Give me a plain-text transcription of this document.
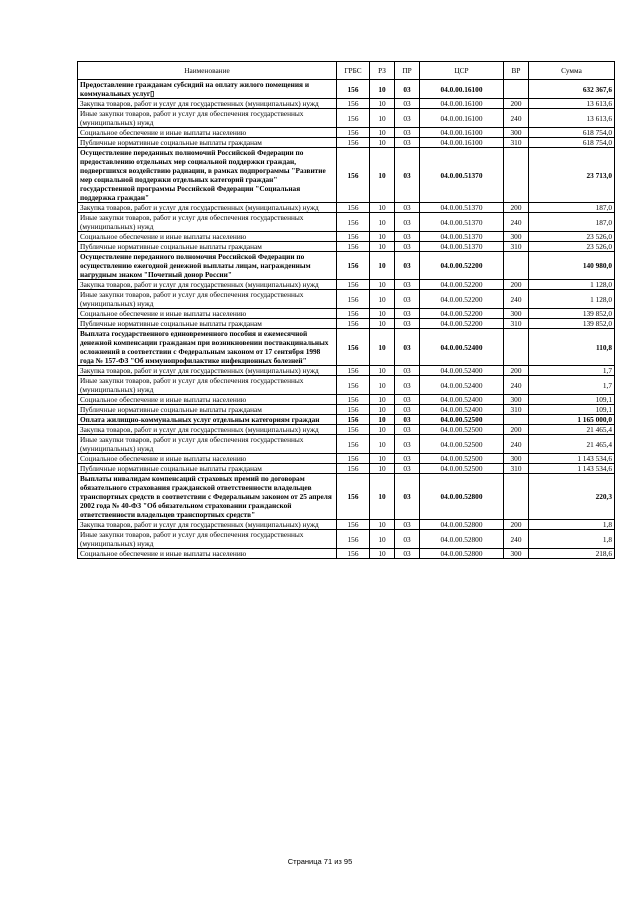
Наименование	ГРБС	РЗ	ПР	ЦСР	ВР	Сумма
Предоставление гражданам субсидий на оплату жилого помещения и коммунальных услуг▯	156	10	03	04.0.00.16100		632 367,6
Закупка товаров, работ и услуг для государственных (муниципальных) нужд	156	10	03	04.0.00.16100	200	13 613,6
Иные закупки товаров, работ и услуг для обеспечения государственных (муниципальных) нужд	156	10	03	04.0.00.16100	240	13 613,6
Социальное обеспечение и иные выплаты населению	156	10	03	04.0.00.16100	300	618 754,0
Публичные нормативные социальные выплаты гражданам	156	10	03	04.0.00.16100	310	618 754,0
Осуществление переданных полномочий Российской Федерации по предоставлению отдельных мер социальной поддержки граждан, подвергшихся воздействию радиации, в рамках подпрограммы "Развитие мер социальной поддержки отдельных категорий граждан" государственной программы Российской Федерации "Социальная поддержка граждан"	156	10	03	04.0.00.51370		23 713,0
Закупка товаров, работ и услуг для государственных (муниципальных) нужд	156	10	03	04.0.00.51370	200	187,0
Иные закупки товаров, работ и услуг для обеспечения государственных (муниципальных) нужд	156	10	03	04.0.00.51370	240	187,0
Социальное обеспечение и иные выплаты населению	156	10	03	04.0.00.51370	300	23 526,0
Публичные нормативные социальные выплаты гражданам	156	10	03	04.0.00.51370	310	23 526,0
Осуществление переданного полномочия Российской Федерации по осуществлению ежегодной денежной выплаты лицам, награжденным нагрудным знаком "Почетный донор России"	156	10	03	04.0.00.52200		140 980,0
Закупка товаров, работ и услуг для государственных (муниципальных) нужд	156	10	03	04.0.00.52200	200	1 128,0
Иные закупки товаров, работ и услуг для обеспечения государственных (муниципальных) нужд	156	10	03	04.0.00.52200	240	1 128,0
Социальное обеспечение и иные выплаты населению	156	10	03	04.0.00.52200	300	139 852,0
Публичные нормативные социальные выплаты гражданам	156	10	03	04.0.00.52200	310	139 852,0
Выплата государственного единовременного пособия и ежемесячной денежной компенсации гражданам при возникновении поствакцинальных осложнений в соответствии с Федеральным законом от 17 сентября 1998 года № 157-ФЗ "Об иммунопрофилактике инфекционных болезней"	156	10	03	04.0.00.52400		110,8
Закупка товаров, работ и услуг для государственных (муниципальных) нужд	156	10	03	04.0.00.52400	200	1,7
Иные закупки товаров, работ и услуг для обеспечения государственных (муниципальных) нужд	156	10	03	04.0.00.52400	240	1,7
Социальное обеспечение и иные выплаты населению	156	10	03	04.0.00.52400	300	109,1
Публичные нормативные социальные выплаты гражданам	156	10	03	04.0.00.52400	310	109,1
Оплата жилищно-коммунальных услуг отдельным категориям граждан	156	10	03	04.0.00.52500		1 165 000,0
Закупка товаров, работ и услуг для государственных (муниципальных) нужд	156	10	03	04.0.00.52500	200	21 465,4
Иные закупки товаров, работ и услуг для обеспечения государственных (муниципальных) нужд	156	10	03	04.0.00.52500	240	21 465,4
Социальное обеспечение и иные выплаты населению	156	10	03	04.0.00.52500	300	1 143 534,6
Публичные нормативные социальные выплаты гражданам	156	10	03	04.0.00.52500	310	1 143 534,6
Выплаты инвалидам компенсаций страховых премий по договорам обязательного страхования гражданской ответственности владельцев транспортных средств в соответствии с Федеральным законом от 25 апреля 2002 года № 40-ФЗ "Об обязательном страховании гражданской ответственности владельцев транспортных средств"	156	10	03	04.0.00.52800		220,3
Закупка товаров, работ и услуг для государственных (муниципальных) нужд	156	10	03	04.0.00.52800	200	1,8
Иные закупки товаров, работ и услуг для обеспечения государственных (муниципальных) нужд	156	10	03	04.0.00.52800	240	1,8
Социальное обеспечение и иные выплаты населению	156	10	03	04.0.00.52800	300	218,6
Страница 71 из 95
